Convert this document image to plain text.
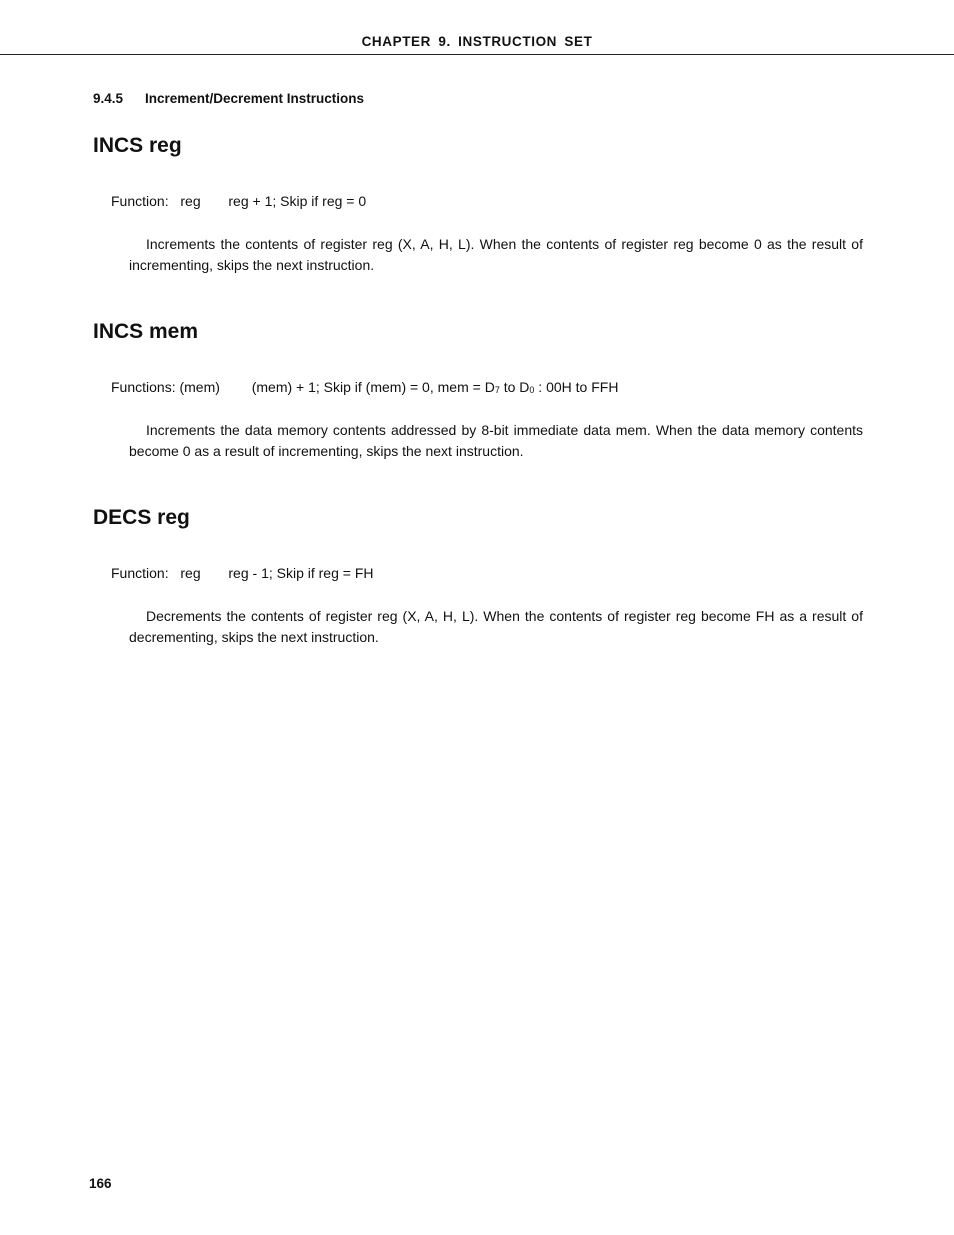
CHAPTER 9. INSTRUCTION SET
9.4.5 Increment/Decrement Instructions
INCS reg
Function: reg reg + 1; Skip if reg = 0

Increments the contents of register reg (X, A, H, L). When the contents of register reg become 0 as the result of incrementing, skips the next instruction.

INCS mem
Functions: (mem) (mem) + 1; Skip if (mem) = 0, mem = D7 to D0 : 00H to FFH

Increments the data memory contents addressed by 8-bit immediate data mem. When the data memory contents become 0 as a result of incrementing, skips the next instruction.

DECS reg
Function: reg reg - 1; Skip if reg = FH

Decrements the contents of register reg (X, A, H, L). When the contents of register reg become FH as a result of decrementing, skips the next instruction.

166
